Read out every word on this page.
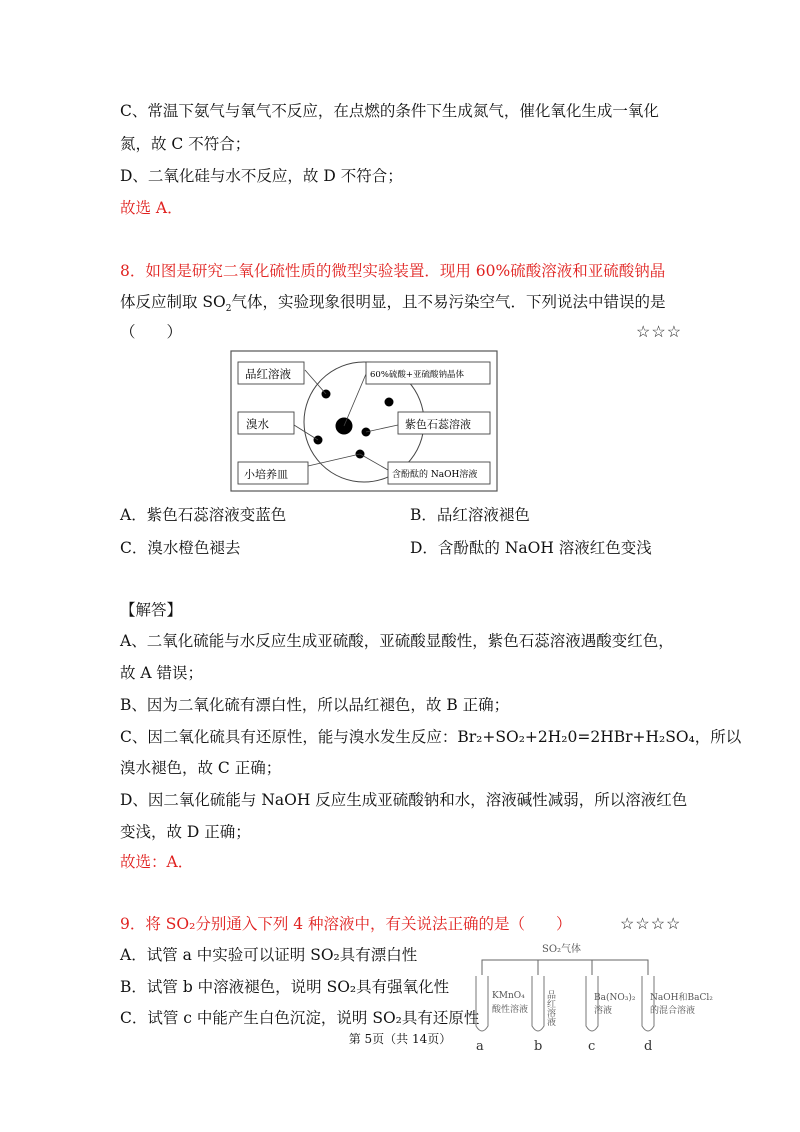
C、常温下氨气与氧气不反应，在点燃的条件下生成氮气，催化氧化生成一氧化
氮，故 C 不符合；
D、二氧化硅与水不反应，故 D 不符合；
故选 A．
8．如图是研究二氧化硫性质的微型实验装置．现用 60%硫酸溶液和亚硫酸钠晶
体反应制取 $SO_2$气体，实验现象很明显，且不易污染空气．下列说法中错误的是
（　　）	☆☆☆
品红溶液	60%硫酸+亚硫酸钠晶体
溴水	紫色石蕊溶液
小培养皿	含酚酞的 NaOH溶液
A．紫色石蕊溶液变蓝色	B．品红溶液褪色
C．溴水橙色褪去	D．含酚酞的 NaOH 溶液红色变浅
【解答】
A、二氧化硫能与水反应生成亚硫酸，亚硫酸显酸性，紫色石蕊溶液遇酸变红色，
故 A 错误；
B、因为二氧化硫有漂白性，所以品红褪色，故 B 正确；
C、因二氧化硫具有还原性，能与溴水发生反应：Br₂+SO₂+2H₂0=2HBr+H₂SO₄，所以
溴水褪色，故 C 正确；
D、因二氧化硫能与 NaOH 反应生成亚硫酸钠和水，溶液碱性减弱，所以溶液红色
变浅，故 D 正确；
故选：A．
9．将 SO₂分别通入下列 4 种溶液中，有关说法正确的是（　　）	☆☆☆☆
A．试管 a 中实验可以证明 SO₂具有漂白性
B．试管 b 中溶液褪色，说明 SO₂具有强氧化性
C．试管 c 中能产生白色沉淀，说明 SO₂具有还原性
SO₂气体
KMnO₄
酸性溶液 品红溶液	Ba(NO₃)₂
溶液
NaOH和BaCl₂
的混合溶液
a	b	c	d
第 5页（共 14页）
